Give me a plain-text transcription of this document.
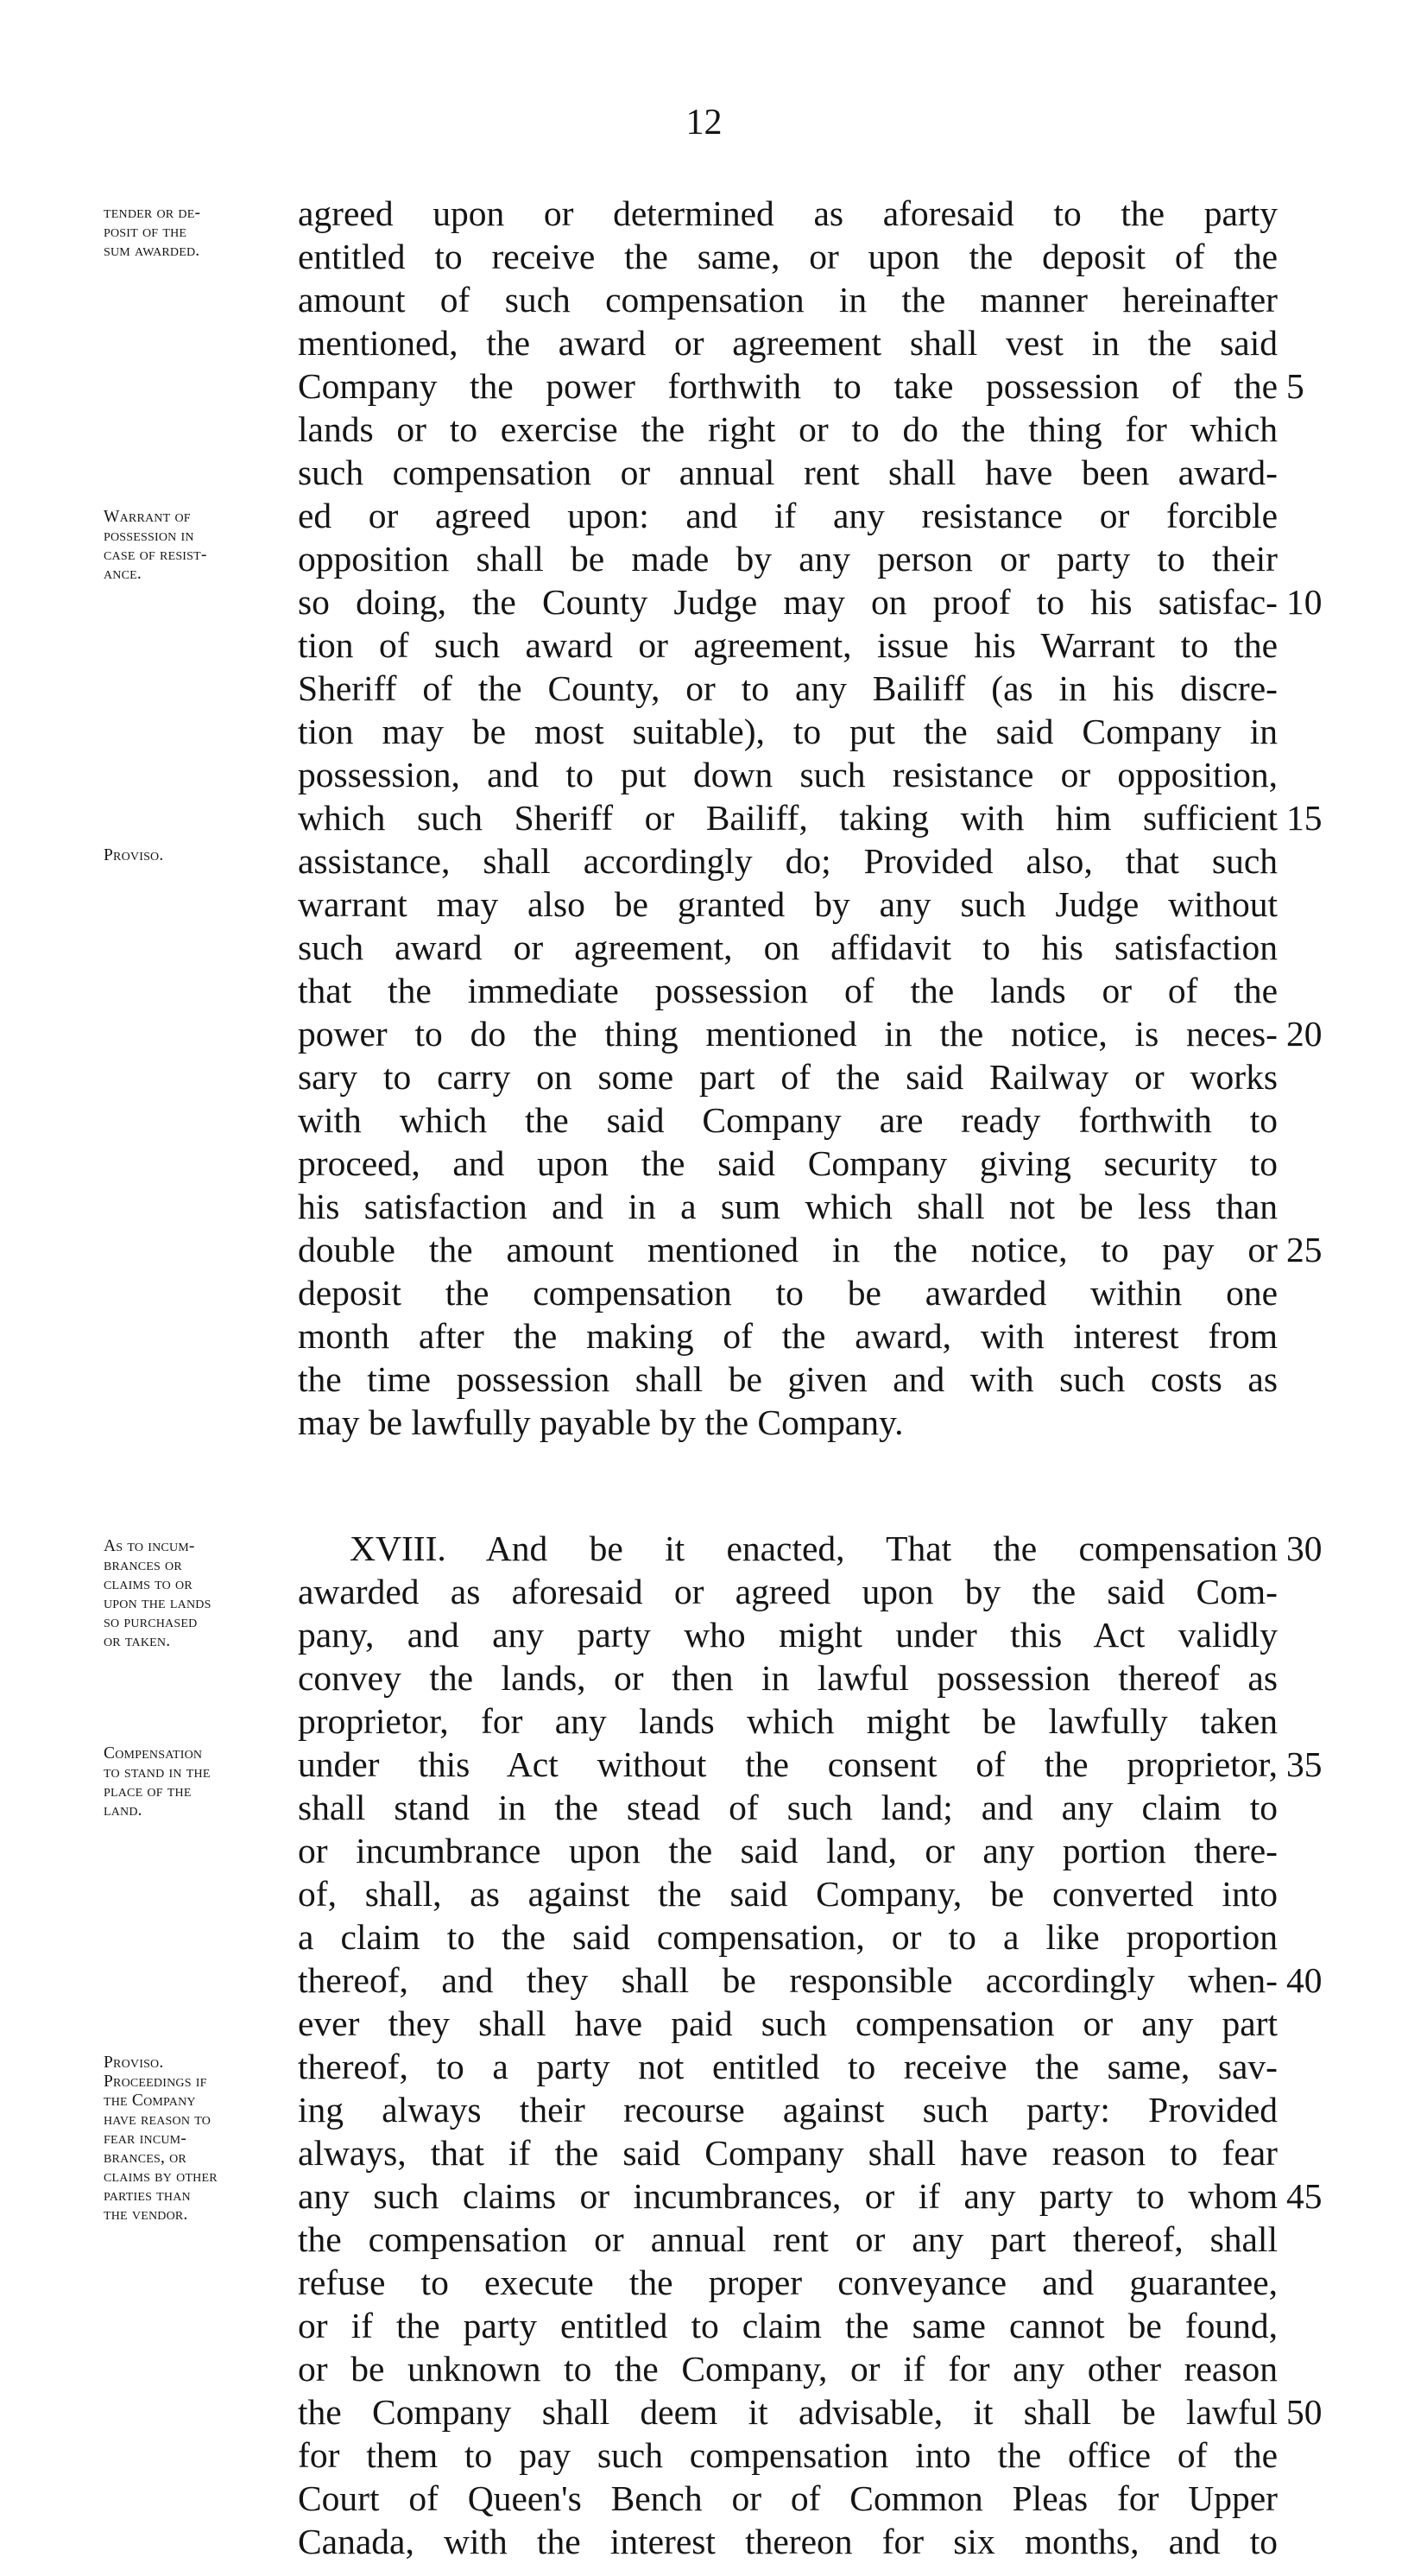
12
agreed upon or determined as aforesaid to the party
entitled to receive the same, or upon the deposit of the
amount of such compensation in the manner hereinafter
mentioned, the award or agreement shall vest in the said
Company the power forthwith to take possession of the
lands or to exercise the right or to do the thing for which
such compensation or annual rent shall have been award-
ed or agreed upon: and if any resistance or forcible
opposition shall be made by any person or party to their
so doing, the County Judge may on proof to his satisfac-
tion of such award or agreement, issue his Warrant to the
Sheriff of the County, or to any Bailiff (as in his discre-
tion may be most suitable), to put the said Company in
possession, and to put down such resistance or opposition,
which such Sheriff or Bailiff, taking with him sufficient
assistance, shall accordingly do; Provided also, that such
warrant may also be granted by any such Judge without
such award or agreement, on affidavit to his satisfaction
that the immediate possession of the lands or of the
power to do the thing mentioned in the notice, is neces-
sary to carry on some part of the said Railway or works
with which the said Company are ready forthwith to
proceed, and upon the said Company giving security to
his satisfaction and in a sum which shall not be less than
double the amount mentioned in the notice, to pay or
deposit the compensation to be awarded within one
month after the making of the award, with interest from
the time possession shall be given and with such costs as
may be lawfully payable by the Company.
XVIII. And be it enacted, That the compensation
awarded as aforesaid or agreed upon by the said Com-
pany, and any party who might under this Act validly
convey the lands, or then in lawful possession thereof as
proprietor, for any lands which might be lawfully taken
under this Act without the consent of the proprietor,
shall stand in the stead of such land; and any claim to
or incumbrance upon the said land, or any portion there-
of, shall, as against the said Company, be converted into
a claim to the said compensation, or to a like proportion
thereof, and they shall be responsible accordingly when-
ever they shall have paid such compensation or any part
thereof, to a party not entitled to receive the same, sav-
ing always their recourse against such party: Provided
always, that if the said Company shall have reason to fear
any such claims or incumbrances, or if any party to whom
the compensation or annual rent or any part thereof, shall
refuse to execute the proper conveyance and guarantee,
or if the party entitled to claim the same cannot be found,
or be unknown to the Company, or if for any other reason
the Company shall deem it advisable, it shall be lawful
for them to pay such compensation into the office of the
Court of Queen's Bench or of Common Pleas for Upper
Canada, with the interest thereon for six months, and to
5
10
15
20
25
30
35
40
45
50
tender or de-
posit of the
sum awarded.
Warrant of
possession in
case of resist-
ance.
Proviso.
As to incum-
brances or
claims to or
upon the lands
so purchased
or taken.
Compensation
to stand in the
place of the
land.
Proviso.
Proceedings if
the Company
have reason to
fear incum-
brances, or
claims by other
parties than
the vendor.
